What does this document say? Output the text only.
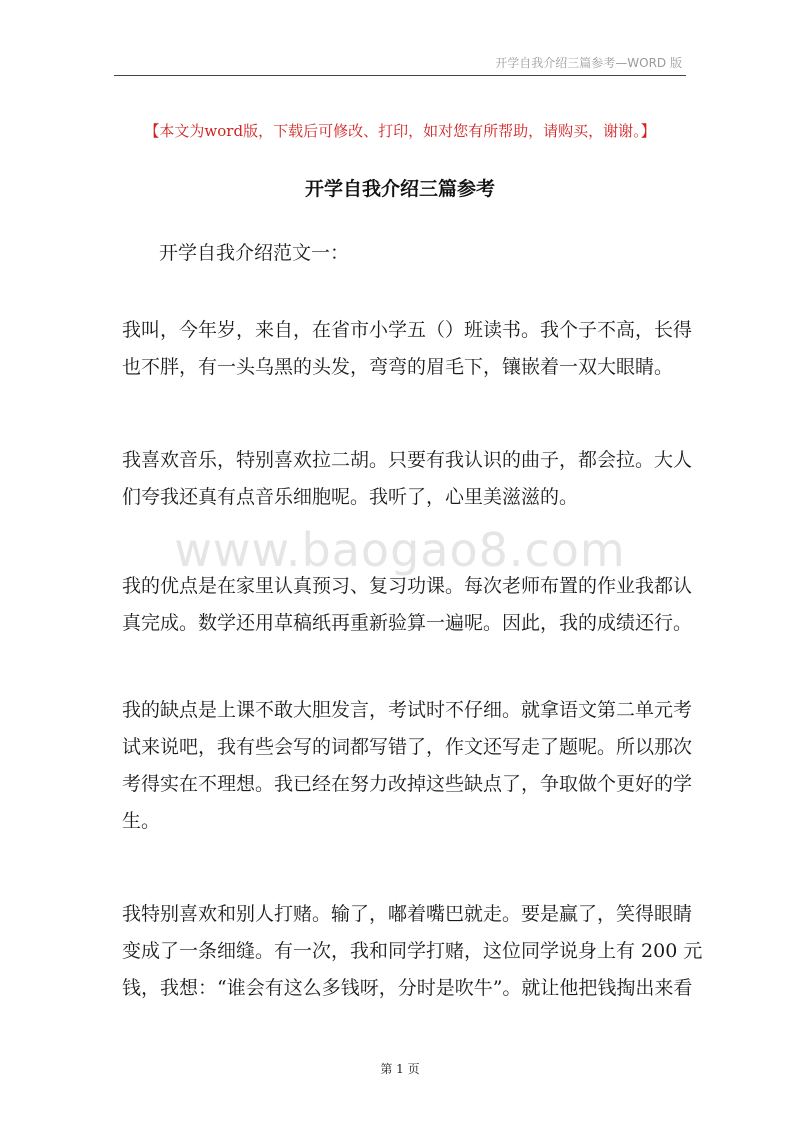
开学自我介绍三篇参考—WORD 版
【本文为word版，下载后可修改、打印，如对您有所帮助，请购买，谢谢。】
开学自我介绍三篇参考
开学自我介绍范文一：
我叫，今年岁，来自，在省市小学五（）班读书。我个子不高，长得
也不胖，有一头乌黑的头发，弯弯的眉毛下，镶嵌着一双大眼睛。
我喜欢音乐，特别喜欢拉二胡。只要有我认识的曲子，都会拉。大人
们夸我还真有点音乐细胞呢。我听了，心里美滋滋的。
www.baogao8.com
我的优点是在家里认真预习、复习功课。每次老师布置的作业我都认
真完成。数学还用草稿纸再重新验算一遍呢。因此，我的成绩还行。
我的缺点是上课不敢大胆发言，考试时不仔细。就拿语文第二单元考
试来说吧，我有些会写的词都写错了，作文还写走了题呢。所以那次
考得实在不理想。我已经在努力改掉这些缺点了，争取做个更好的学
生。
我特别喜欢和别人打赌。输了，嘟着嘴巴就走。要是赢了，笑得眼睛
变成了一条细缝。有一次，我和同学打赌，这位同学说身上有 200 元
钱，我想：“谁会有这么多钱呀，分时是吹牛”。就让他把钱掏出来看
第 1 页
